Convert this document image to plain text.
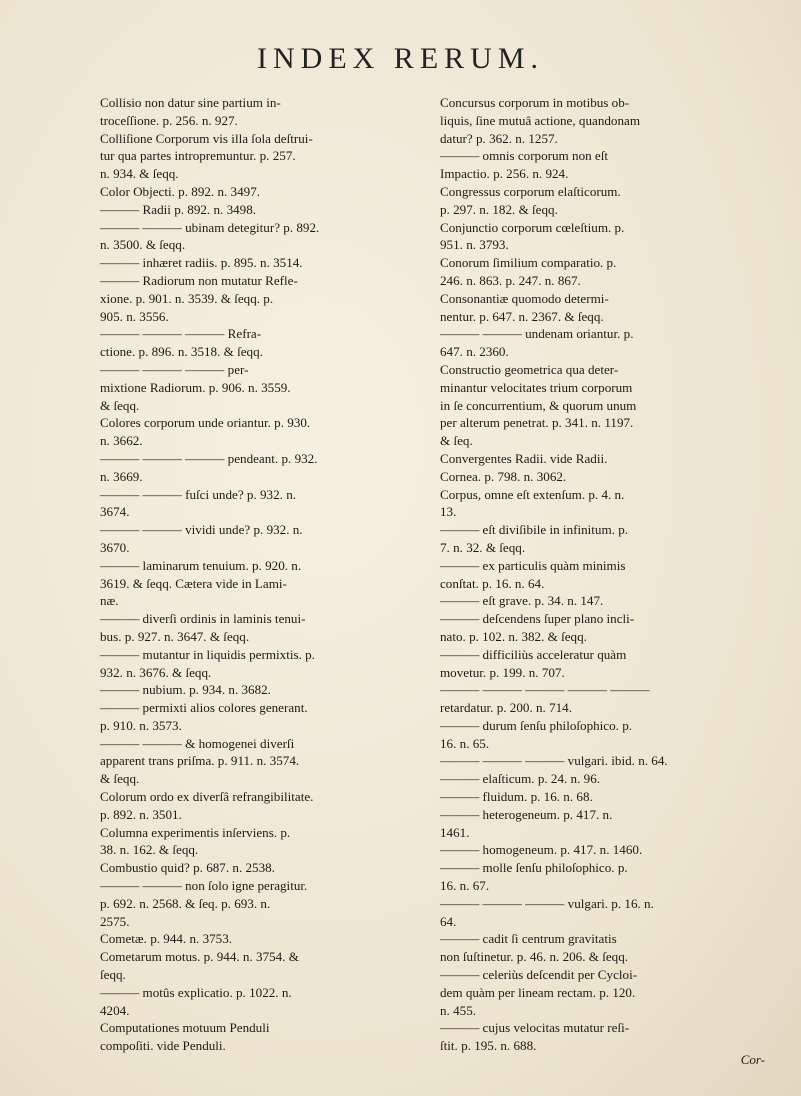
INDEX RERUM.
Collisio non datur sine partium in-
troceſſione. p. 256. n. 927.
Colliſione Corporum vis illa ſola deſtrui-
tur qua partes intropremuntur. p. 257.
n. 934. & ſeqq.
Color Objecti. p. 892. n. 3497.
——— Radii p. 892. n. 3498.
——— ——— ubinam detegitur? p. 892.
n. 3500. & ſeqq.
——— inhæret radiis. p. 895. n. 3514.
——— Radiorum non mutatur Refle-
xione. p. 901. n. 3539. & ſeqq. p.
905. n. 3556.
——— ——— ——— Refra-
ctione. p. 896. n. 3518. & ſeqq.
——— ——— ——— per-
mixtione Radiorum. p. 906. n. 3559.
& ſeqq.
Colores corporum unde oriantur. p. 930.
n. 3662.
——— ——— ——— pendeant. p. 932.
n. 3669.
——— ——— fuſci unde? p. 932. n.
3674.
——— ——— vividi unde? p. 932. n.
3670.
——— laminarum tenuium. p. 920. n.
3619. & ſeqq. Cætera vide in Lami-
næ.
——— diverſi ordinis in laminis tenui-
bus. p. 927. n. 3647. & ſeqq.
——— mutantur in liquidis permixtis. p.
932. n. 3676. & ſeqq.
——— nubium. p. 934. n. 3682.
——— permixti alios colores generant.
p. 910. n. 3573.
——— ——— & homogenei diverſi
apparent trans priſma. p. 911. n. 3574.
& ſeqq.
Colorum ordo ex diverſâ refrangibilitate.
p. 892. n. 3501.
Columna experimentis inſerviens. p.
38. n. 162. & ſeqq.
Combustio quid? p. 687. n. 2538.
——— ——— non ſolo igne peragitur.
p. 692. n. 2568. & ſeq. p. 693. n.
2575.
Cometæ. p. 944. n. 3753.
Cometarum motus. p. 944. n. 3754. &
ſeqq.
——— motûs explicatio. p. 1022. n.
4204.
Computationes motuum Penduli
compoſiti. vide Penduli.
Concursus corporum in motibus ob-
liquis, ſine mutuâ actione, quandonam
datur? p. 362. n. 1257.
——— omnis corporum non eſt
Impactio. p. 256. n. 924.
Congressus corporum elaſticorum.
p. 297. n. 182. & ſeqq.
Conjunctio corporum cœleſtium. p.
951. n. 3793.
Conorum ſimilium comparatio. p.
246. n. 863. p. 247. n. 867.
Consonantiæ quomodo determi-
nentur. p. 647. n. 2367. & ſeqq.
——— ——— undenam oriantur. p.
647. n. 2360.
Constructio geometrica qua deter-
minantur velocitates trium corporum
in ſe concurrentium, & quorum unum
per alterum penetrat. p. 341. n. 1197.
& ſeq.
Convergentes Radii. vide Radii.
Cornea. p. 798. n. 3062.
Corpus, omne eſt extenſum. p. 4. n.
13.
——— eſt diviſibile in infinitum. p.
7. n. 32. & ſeqq.
——— ex particulis quàm minimis
conſtat. p. 16. n. 64.
——— eſt grave. p. 34. n. 147.
——— deſcendens ſuper plano incli-
nato. p. 102. n. 382. & ſeqq.
——— difficiliùs acceleratur quàm
movetur. p. 199. n. 707.
——— ——— ——— ——— ———
retardatur. p. 200. n. 714.
——— durum ſenſu philoſophico. p.
16. n. 65.
——— ——— ——— vulgari. ibid. n. 64.
——— elaſticum. p. 24. n. 96.
——— fluidum. p. 16. n. 68.
——— heterogeneum. p. 417. n.
1461.
——— homogeneum. p. 417. n. 1460.
——— molle ſenſu philoſophico. p.
16. n. 67.
——— ——— ——— vulgari. p. 16. n.
64.
——— cadit ſi centrum gravitatis
non ſuſtinetur. p. 46. n. 206. & ſeqq.
——— celeriùs deſcendit per Cycloi-
dem quàm per lineam rectam. p. 120.
n. 455.
——— cujus velocitas mutatur reſi-
ſtit. p. 195. n. 688.
Cor-
